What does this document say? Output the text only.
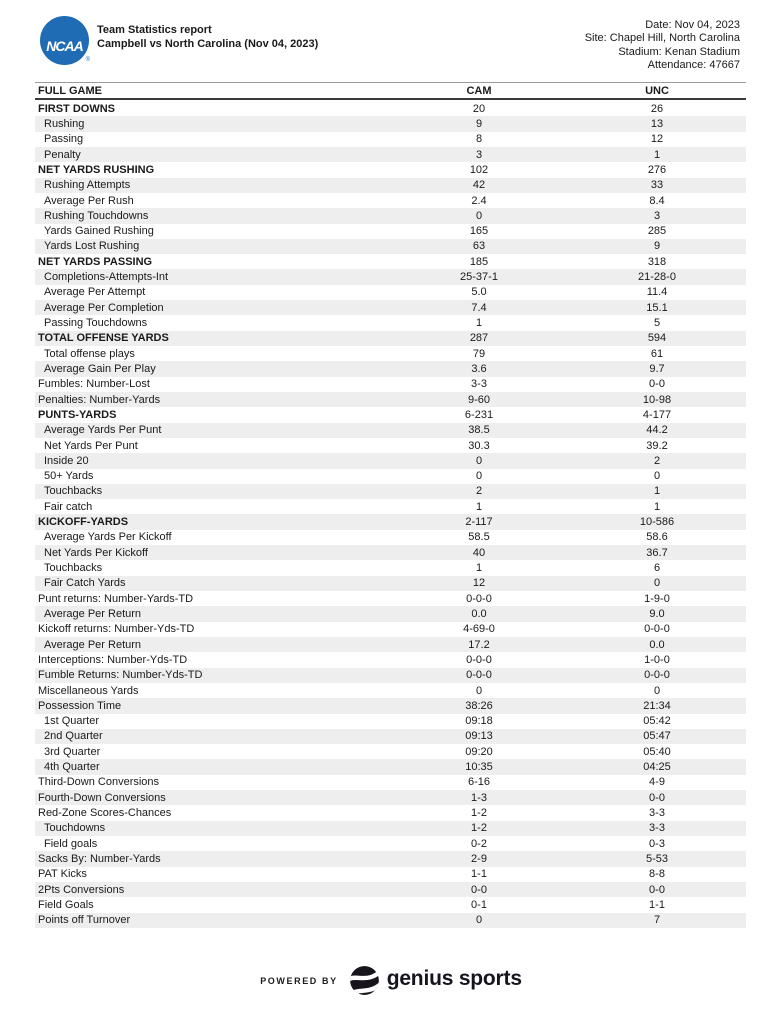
NCAA
®
Team Statistics report
Campbell vs North Carolina (Nov 04, 2023)
Date: Nov 04, 2023
Site: Chapel Hill, North Carolina
Stadium: Kenan Stadium
Attendance: 47667
FULL GAME	CAM	UNC
FIRST DOWNS	20	26
Rushing	9	13
Passing	8	12
Penalty	3	1
NET YARDS RUSHING	102	276
Rushing Attempts	42	33
Average Per Rush	2.4	8.4
Rushing Touchdowns	0	3
Yards Gained Rushing	165	285
Yards Lost Rushing	63	9
NET YARDS PASSING	185	318
Completions-Attempts-Int	25-37-1	21-28-0
Average Per Attempt	5.0	11.4
Average Per Completion	7.4	15.1
Passing Touchdowns	1	5
TOTAL OFFENSE YARDS	287	594
Total offense plays	79	61
Average Gain Per Play	3.6	9.7
Fumbles: Number-Lost	3-3	0-0
Penalties: Number-Yards	9-60	10-98
PUNTS-YARDS	6-231	4-177
Average Yards Per Punt	38.5	44.2
Net Yards Per Punt	30.3	39.2
Inside 20	0	2
50+ Yards	0	0
Touchbacks	2	1
Fair catch	1	1
KICKOFF-YARDS	2-117	10-586
Average Yards Per Kickoff	58.5	58.6
Net Yards Per Kickoff	40	36.7
Touchbacks	1	6
Fair Catch Yards	12	0
Punt returns: Number-Yards-TD	0-0-0	1-9-0
Average Per Return	0.0	9.0
Kickoff returns: Number-Yds-TD	4-69-0	0-0-0
Average Per Return	17.2	0.0
Interceptions: Number-Yds-TD	0-0-0	1-0-0
Fumble Returns: Number-Yds-TD	0-0-0	0-0-0
Miscellaneous Yards	0	0
Possession Time	38:26	21:34
1st Quarter	09:18	05:42
2nd Quarter	09:13	05:47
3rd Quarter	09:20	05:40
4th Quarter	10:35	04:25
Third-Down Conversions	6-16	4-9
Fourth-Down Conversions	1-3	0-0
Red-Zone Scores-Chances	1-2	3-3
Touchdowns	1-2	3-3
Field goals	0-2	0-3
Sacks By: Number-Yards	2-9	5-53
PAT Kicks	1-1	8-8
2Pts Conversions	0-0	0-0
Field Goals	0-1	1-1
Points off Turnover	0	7
POWERED BY genius sports
